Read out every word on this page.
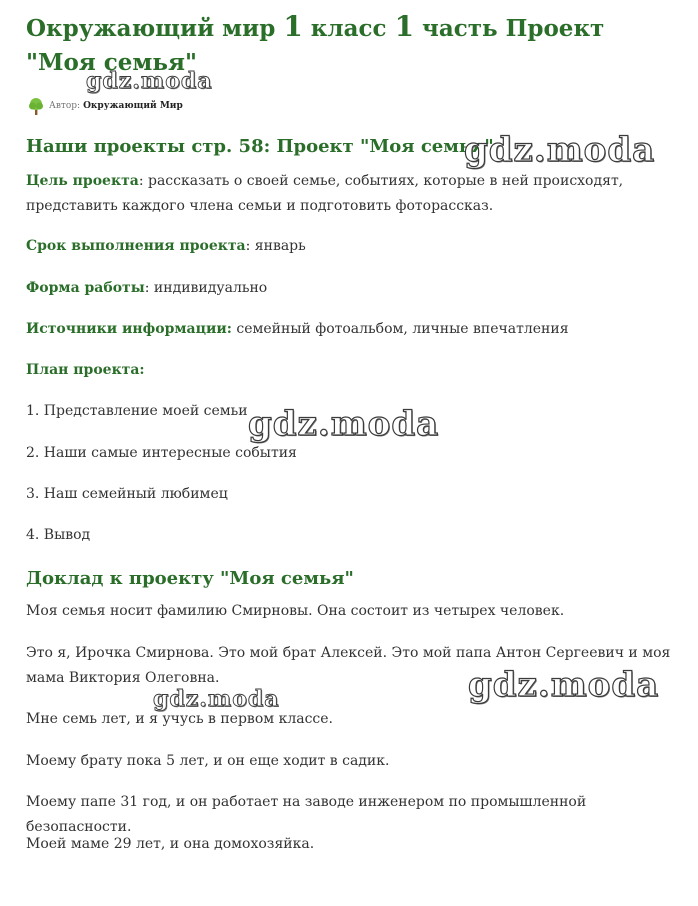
Окружающий мир 1 класс 1 часть Проект "Моя семья"
Автор: Окружающий Мир
Наши проекты стр. 58: Проект "Моя семья"

Цель проекта: рассказать о своей семье, событиях, которые в ней происходят, представить каждого члена семьи и подготовить фоторассказ.

Срок выполнения проекта: январь

Форма работы: индивидуально

Источники информации: семейный фотоальбом, личные впечатления

План проекта:

1. Представление моей семьи

2. Наши самые интересные события

3. Наш семейный любимец

4. Вывод

Доклад к проекту "Моя семья"

Моя семья носит фамилию Смирновы. Она состоит из четырех человек.

Это я, Ирочка Смирнова. Это мой брат Алексей. Это мой папа Антон Сергеевич и моя мама Виктория Олеговна.

Мне семь лет, и я учусь в первом классе.

Моему брату пока 5 лет, и он еще ходит в садик.

Моему папе 31 год, и он работает на заводе инженером по промышленной безопасности.

Моей маме 29 лет, и она домохозяйка.

gdz.moda
gdz.moda
gdz.moda
gdz.moda
gdz.moda
